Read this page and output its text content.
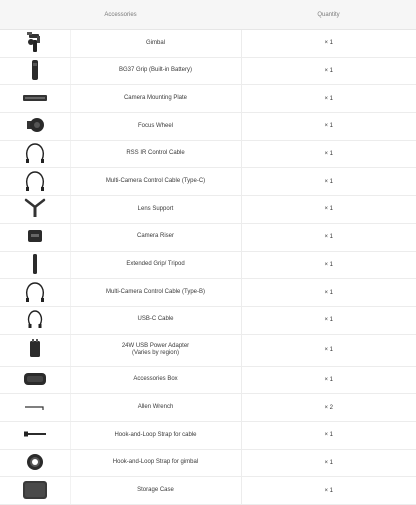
Accessories		Quantity

	Gimbal	× 1

	BG37 Grip (Built-in Battery)	× 1

	Camera Mounting Plate	× 1

	Focus Wheel	× 1

	RSS IR Control Cable	× 1

	Multi-Camera Control Cable (Type-C)	× 1

	Lens Support	× 1

	Camera Riser	× 1

	Extended Grip/ Tripod	× 1

	Multi-Camera Control Cable (Type-B)	× 1

	USB-C Cable	× 1

24W USB Power Adapter
(Varies by region)	× 1

	Accessories Box	× 1

	Allen Wrench	× 2

	Hook-and-Loop Strap for cable	× 1

	Hook-and-Loop Strap for gimbal	× 1

	Storage Case	× 1
